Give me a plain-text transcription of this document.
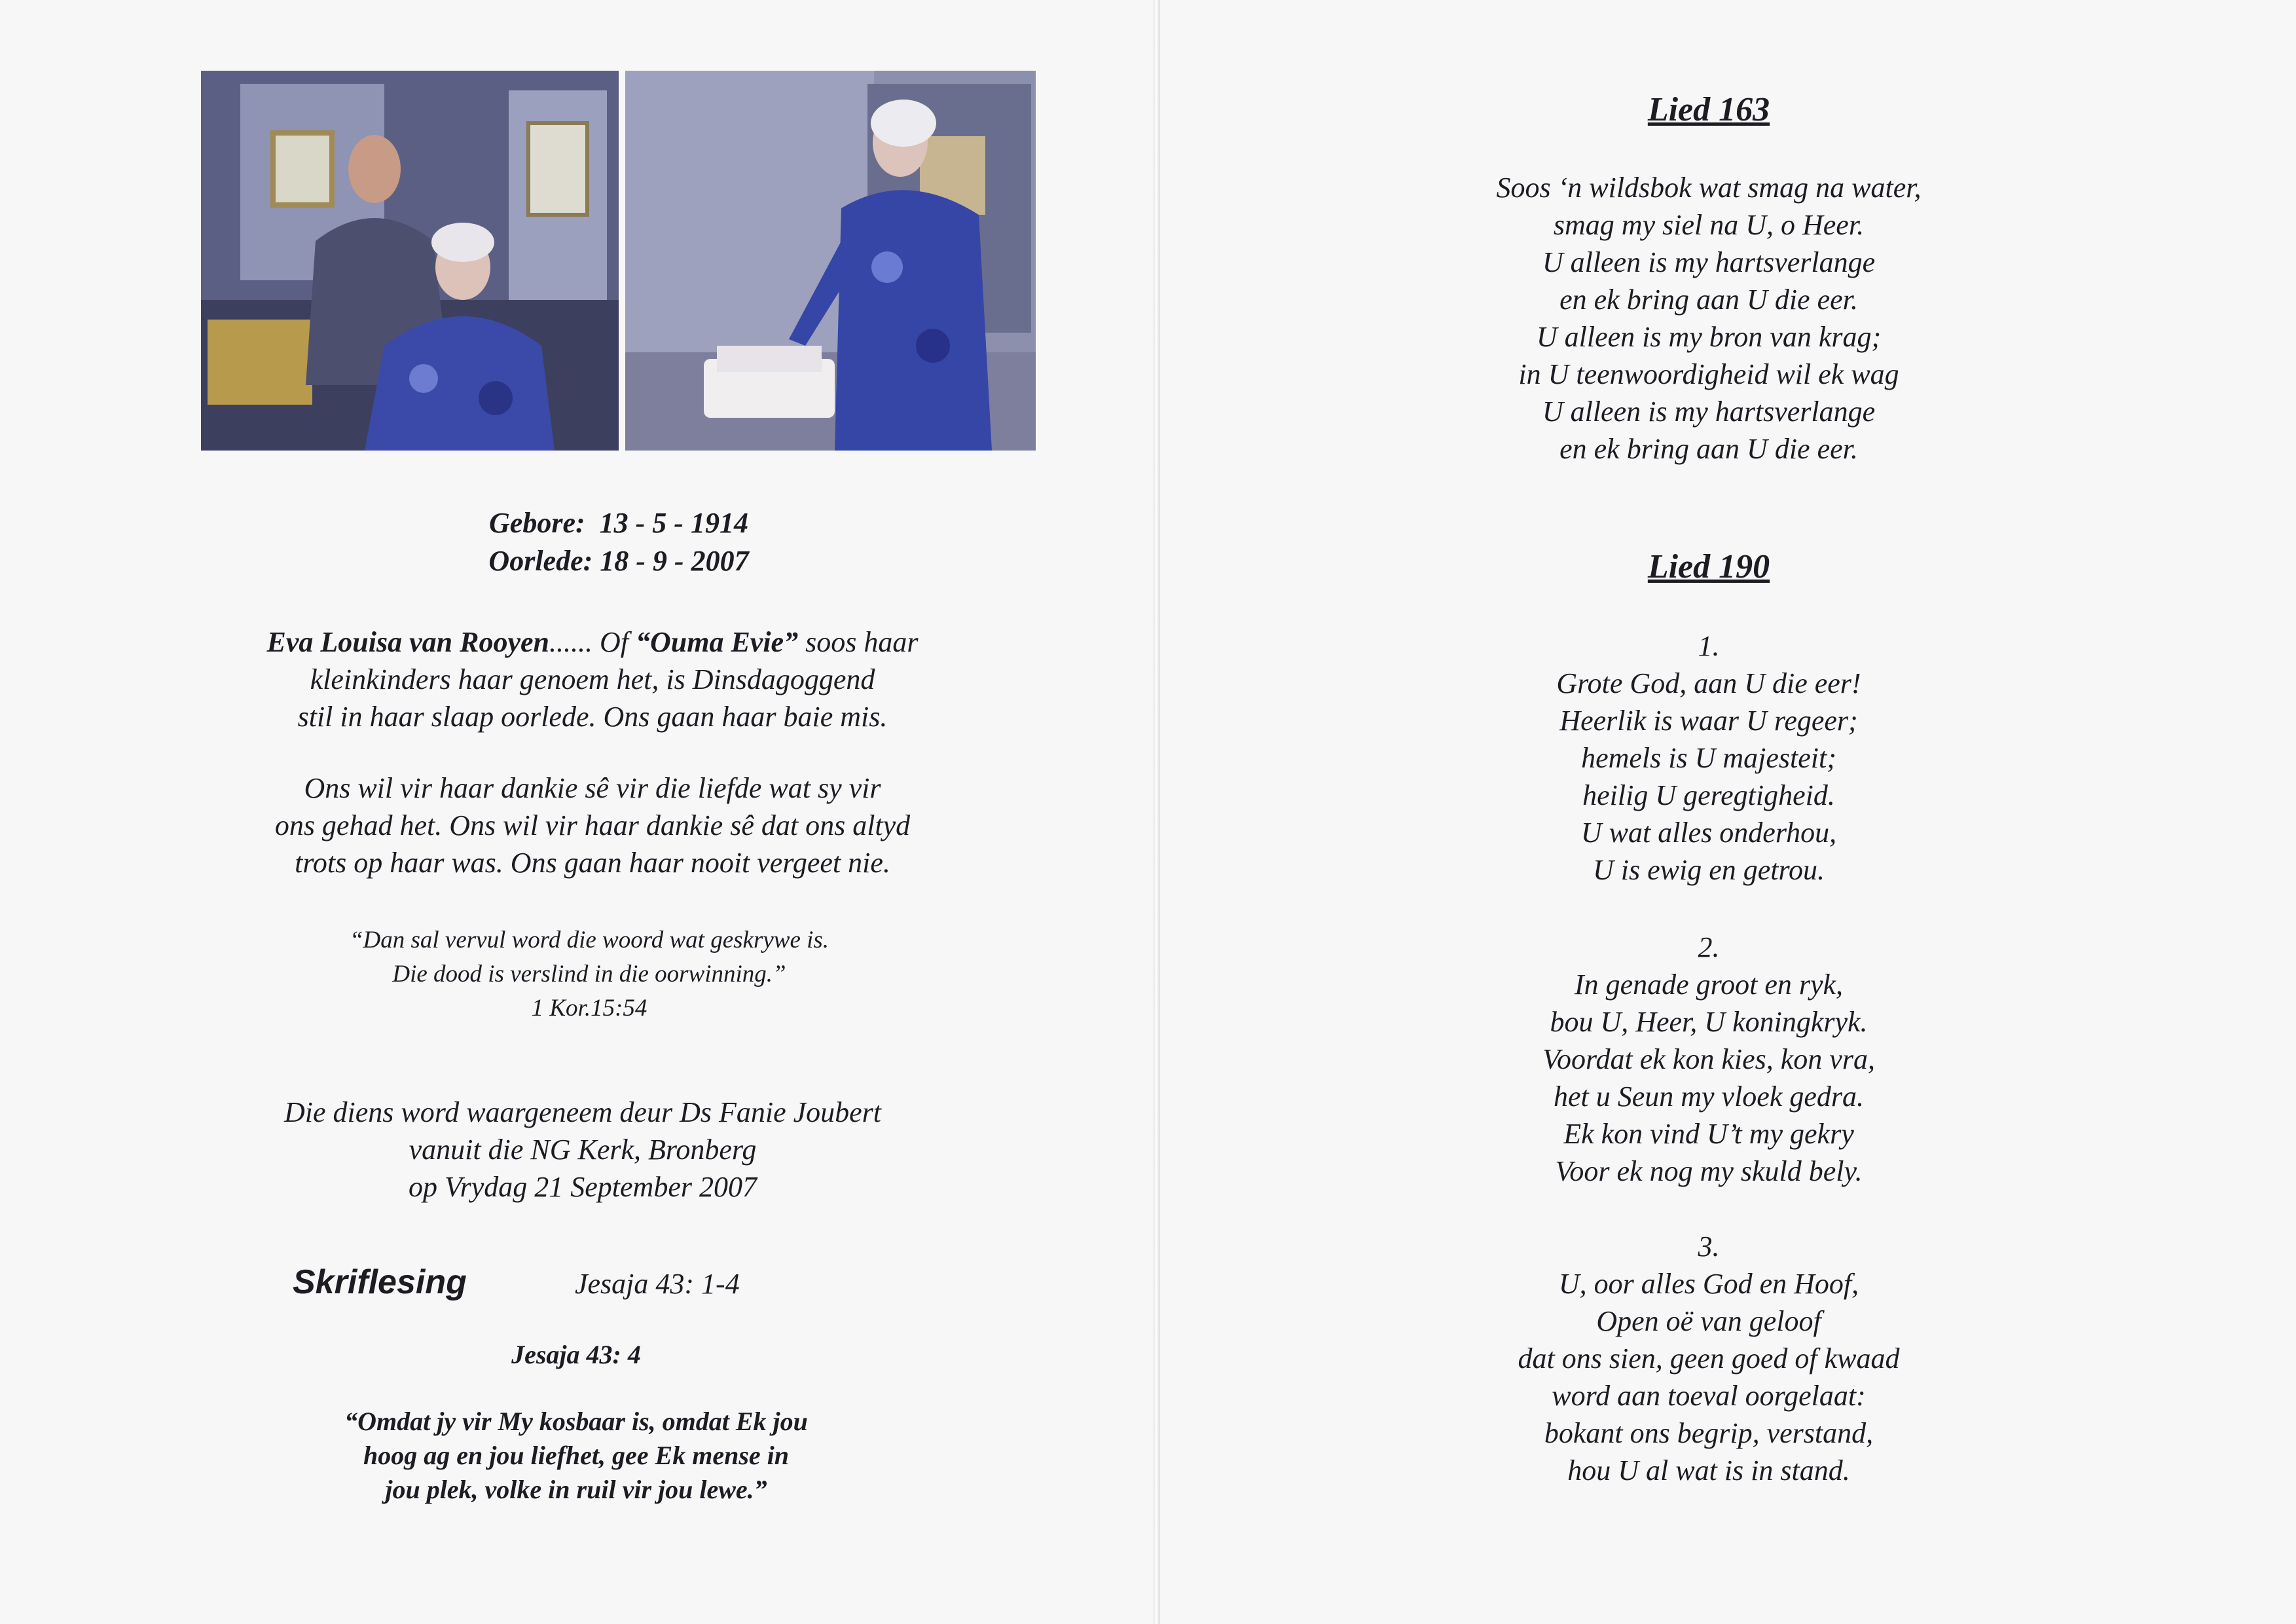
Gebore: 13 - 5 - 1914
Oorlede: 18 - 9 - 2007
Eva Louisa van Rooyen...... Of “Ouma Evie” soos haar
kleinkinders haar genoem het, is Dinsdagoggend
stil in haar slaap oorlede. Ons gaan haar baie mis.
Ons wil vir haar dankie sê vir die liefde wat sy vir
ons gehad het. Ons wil vir haar dankie sê dat ons altyd
trots op haar was. Ons gaan haar nooit vergeet nie.
“Dan sal vervul word die woord wat geskrywe is.
Die dood is verslind in die oorwinning.”
1 Kor.15:54
Die diens word waargeneem deur Ds Fanie Joubert
vanuit die NG Kerk, Bronberg
op Vrydag 21 September 2007
Skriflesing	Jesaja 43: 1-4
Jesaja 43: 4
“Omdat jy vir My kosbaar is, omdat Ek jou
hoog ag en jou liefhet, gee Ek mense in
jou plek, volke in ruil vir jou lewe.”
Lied 163
Soos ‘n wildsbok wat smag na water,
smag my siel na U, o Heer.
U alleen is my hartsverlange
en ek bring aan U die eer.
U alleen is my bron van krag;
in U teenwoordigheid wil ek wag
U alleen is my hartsverlange
en ek bring aan U die eer.
Lied 190
1.
Grote God, aan U die eer!
Heerlik is waar U regeer;
hemels is U majesteit;
heilig U geregtigheid.
U wat alles onderhou,
U is ewig en getrou.
2.
In genade groot en ryk,
bou U, Heer, U koningkryk.
Voordat ek kon kies, kon vra,
het u Seun my vloek gedra.
Ek kon vind U’t my gekry
Voor ek nog my skuld bely.
3.
U, oor alles God en Hoof,
Open oë van geloof
dat ons sien, geen goed of kwaad
word aan toeval oorgelaat:
bokant ons begrip, verstand,
hou U al wat is in stand.
